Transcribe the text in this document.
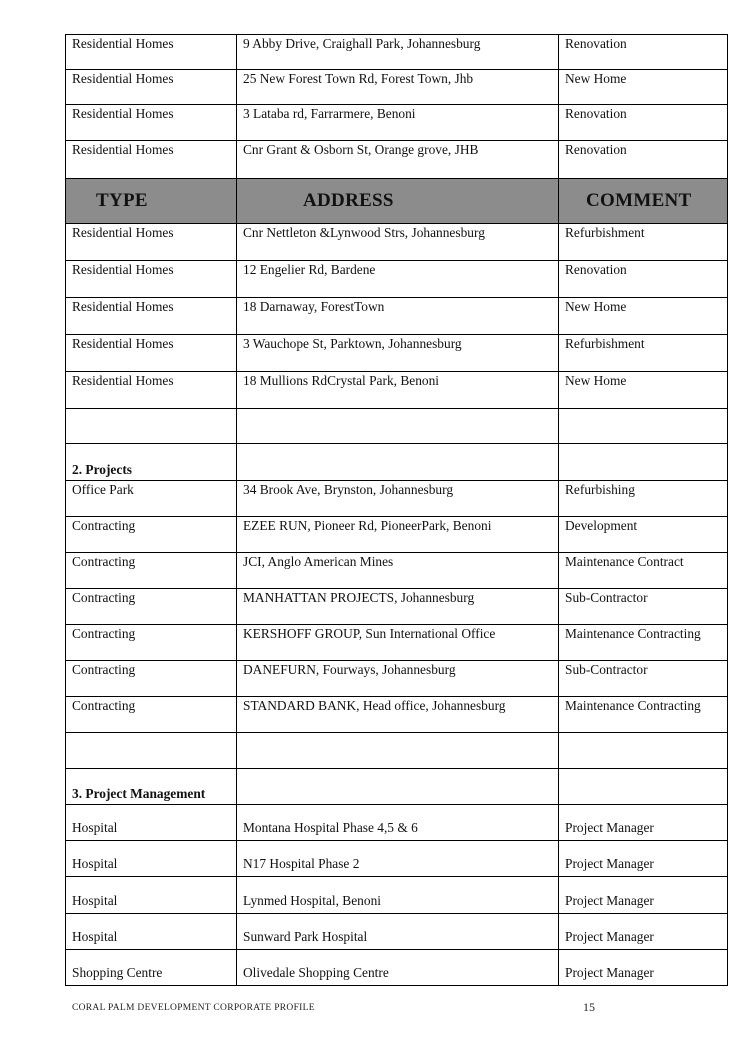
Residential Homes	9 Abby Drive, Craighall Park, Johannesburg	Renovation

Residential Homes	25 New Forest Town Rd, Forest Town, Jhb	New Home

Residential Homes	3 Lataba rd, Farrarmere, Benoni	Renovation

Residential Homes	Cnr Grant & Osborn St, Orange grove, JHB	Renovation

TYPE	ADDRESS	COMMENT

Residential Homes	Cnr Nettleton &Lynwood Strs, Johannesburg	Refurbishment

Residential Homes	12 Engelier Rd, Bardene	Renovation

Residential Homes	18 Darnaway, ForestTown	New Home

Residential Homes	3 Wauchope St, Parktown, Johannesburg	Refurbishment

Residential Homes	18 Mullions RdCrystal Park, Benoni	New Home

2. Projects		

Office Park	34 Brook Ave, Brynston, Johannesburg	Refurbishing

Contracting	EZEE RUN, Pioneer Rd, PioneerPark, Benoni	Development

Contracting	JCI, Anglo American Mines	Maintenance Contract

Contracting	MANHATTAN PROJECTS, Johannesburg	Sub-Contractor

Contracting	KERSHOFF GROUP, Sun International Office	Maintenance Contracting

Contracting	DANEFURN, Fourways, Johannesburg	Sub-Contractor

Contracting	STANDARD BANK, Head office, Johannesburg	Maintenance Contracting

3. Project Management		

Hospital	Montana Hospital Phase 4,5 & 6	Project Manager

Hospital	N17 Hospital Phase 2	Project Manager

Hospital	Lynmed Hospital, Benoni	Project Manager

Hospital	Sunward Park Hospital	Project Manager

Shopping Centre	Olivedale Shopping Centre	Project Manager
CORAL PALM DEVELOPMENT CORPORATE PROFILE	15
